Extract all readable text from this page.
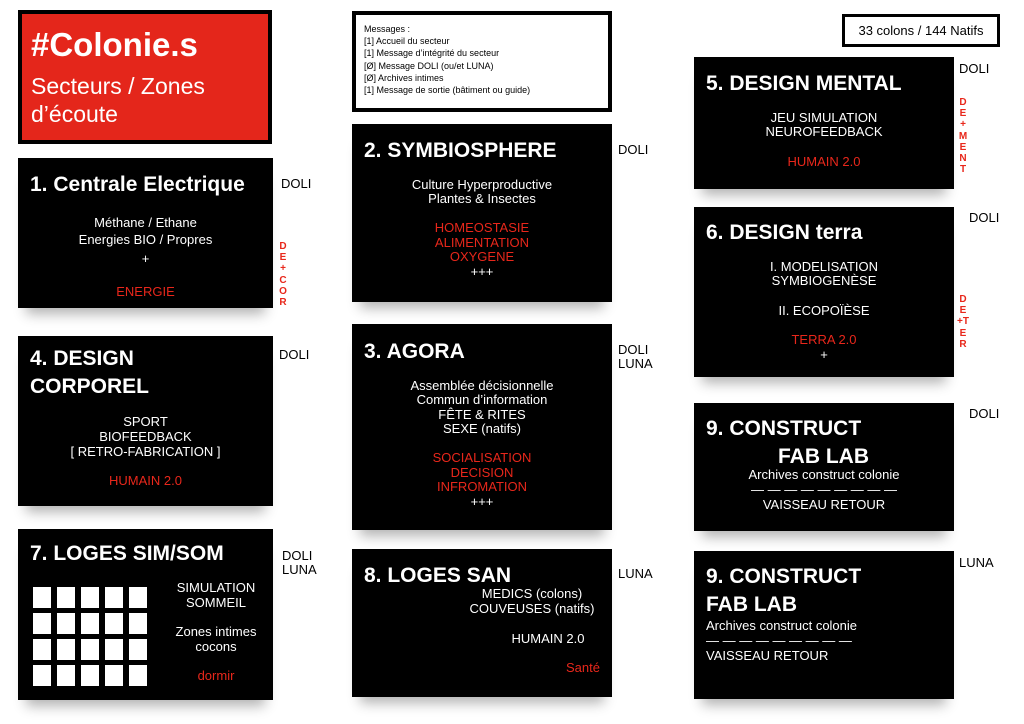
#Colonie.s
Secteurs / Zones
d’écoute
Messages :
[1] Accueil du secteur
[1] Message d’intégrité du secteur
[Ø] Message DOLI (ou/et LUNA)
[Ø] Archives intimes
[1] Message de sortie (bâtiment ou guide)
33 colons / 144 Natifs
1. Centrale Electrique
Méthane / Ethane
Energies BIO / Propres
+
ENERGIE
DOLI
DE+COR
4. DESIGN
CORPOREL
SPORT
BIOFEEDBACK
[ RETRO-FABRICATION ]
HUMAIN 2.0
DOLI
7. LOGES SIM/SOM
SIMULATION
SOMMEIL
Zones intimes
cocons
dormir
DOLI
LUNA
2. SYMBIOSPHERE
Culture Hyperproductive
Plantes & Insectes
HOMEOSTASIE
ALIMENTATION
OXYGENE
+++
DOLI
3. AGORA
Assemblée décisionnelle
Commun d’information
FÊTE & RITES
SEXE (natifs)
SOCIALISATION
DECISION
INFROMATION
+++
DOLI
LUNA
8. LOGES SAN
MEDICS (colons)
COUVEUSES (natifs)
HUMAIN 2.0
Santé
LUNA
5. DESIGN MENTAL
JEU SIMULATION
NEUROFEEDBACK
HUMAIN 2.0
DOLI
DE+MENT
6. DESIGN terra
I. MODELISATION
SYMBIOGENÈSE
II. ECOPOÏÈSE
TERRA 2.0
+
DOLI
DE+TER
9. CONSTRUCT
FAB LAB
Archives construct colonie
— — — — — — — — —
VAISSEAU RETOUR
DOLI
9. CONSTRUCT
FAB LAB
Archives construct colonie
— — — — — — — — —
VAISSEAU RETOUR
LUNA
